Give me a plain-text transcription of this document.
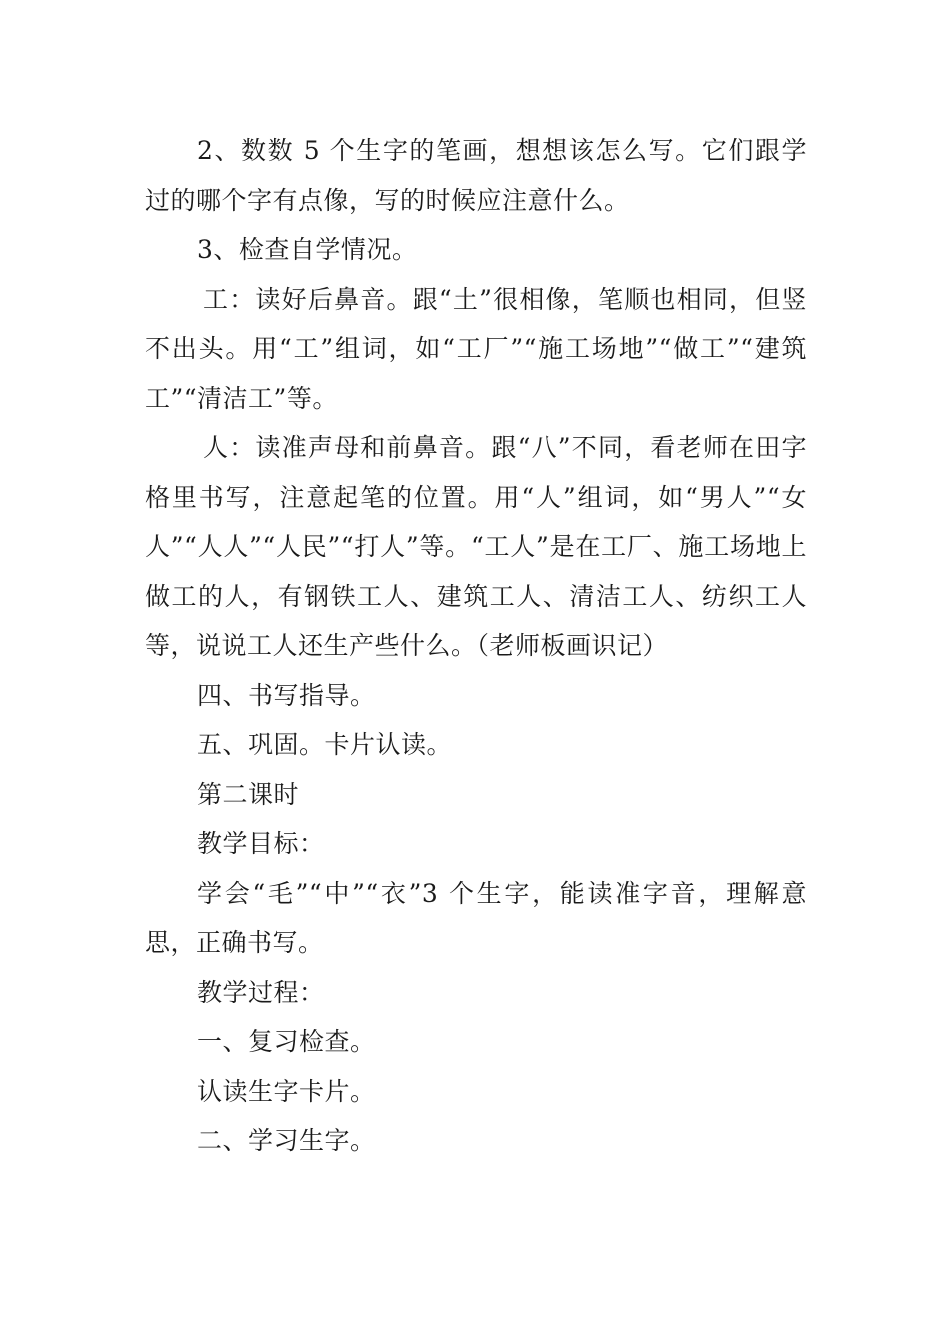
2、数数 5 个生字的笔画，想想该怎么写。它们跟学过的哪个字有点像，写的时候应注意什么。

3、检查自学情况。

工：读好后鼻音。跟“土”很相像，笔顺也相同，但竖不出头。用“工”组词，如“工厂”“施工场地”“做工”“建筑工”“清洁工”等。

人：读准声母和前鼻音。跟“八”不同，看老师在田字格里书写，注意起笔的位置。用“人”组词，如“男人”“女人”“人人”“人民”“打人”等。“工人”是在工厂、施工场地上做工的人，有钢铁工人、建筑工人、清洁工人、纺织工人等，说说工人还生产些什么。（老师板画识记）

四、书写指导。

五、巩固。卡片认读。

第二课时

教学目标：

学会“毛”“中”“衣”3 个生字，能读准字音，理解意思，正确书写。

教学过程：

一、复习检查。

认读生字卡片。

二、学习生字。
